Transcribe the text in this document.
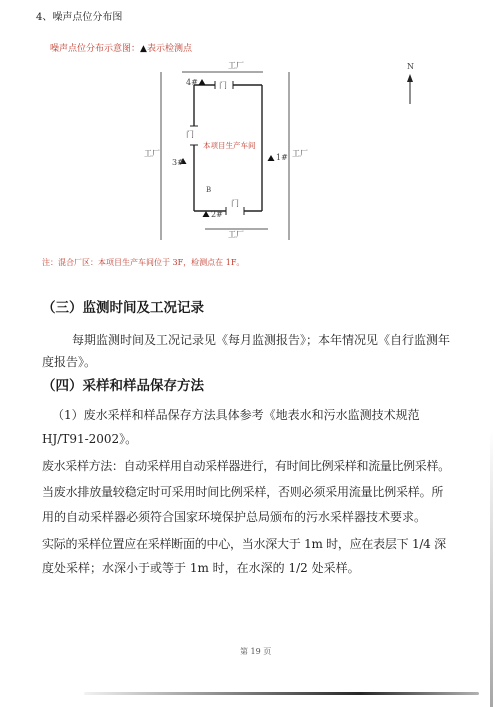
4、噪声点位分布图
噪声点位分布示意图：▲表示检测点
工厂
工厂	工厂
工厂
4#
1#
3#
2#
门
门
门
本项目生产车间
B
N
注：混合厂区：本项目生产车间位于 3F，检测点在 1F。
（三）监测时间及工况记录
每期监测时间及工况记录见《每月监测报告》；本年情况见《自行监测年
度报告》。
（四）采样和样品保存方法
（1）废水采样和样品保存方法具体参考《地表水和污水监测技术规范
HJ/T91-2002》。
废水采样方法：自动采样用自动采样器进行，有时间比例采样和流量比例采样。
当废水排放量较稳定时可采用时间比例采样，否则必须采用流量比例采样。所
用的自动采样器必须符合国家环境保护总局颁布的污水采样器技术要求。
实际的采样位置应在采样断面的中心，当水深大于 1m 时，应在表层下 1/4 深
度处采样；水深小于或等于 1m 时，在水深的 1/2 处采样。
第 19 页
